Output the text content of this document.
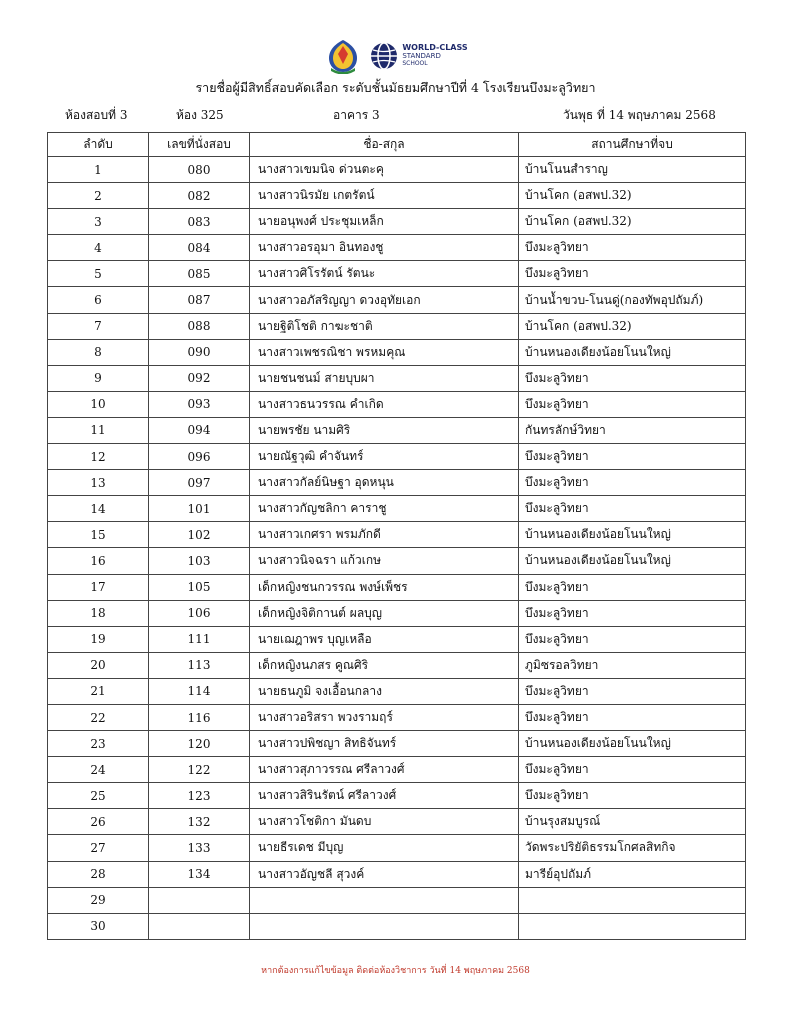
WORLD-CLASS
STANDARD
SCHOOL
รายชื่อผู้มีสิทธิ์สอบคัดเลือก ระดับชั้นมัธยมศึกษาปีที่ 4 โรงเรียนบึงมะลูวิทยา
ห้องสอบที่ 3	ห้อง 325	อาคาร 3	วันพุธ ที่ 14 พฤษภาคม 2568
ลำดับ	เลขที่นั่งสอบ	ชื่อ-สกุล	สถานศึกษาที่จบ
1	080	นางสาวเขมนิจ ด่วนตะคุ	บ้านโนนสำราญ
2	082	นางสาวนิรมัย เกตรัตน์	บ้านโคก (อสพป.32)
3	083	นายอนุพงศ์ ประชุมเหล็ก	บ้านโคก (อสพป.32)
4	084	นางสาวอรอุมา อินทองชู	บึงมะลูวิทยา
5	085	นางสาวศิโรรัตน์ รัตนะ	บึงมะลูวิทยา
6	087	นางสาวอภัสริญญา ดวงอุทัยเอก	บ้านน้ำขวบ-โนนดู่(กองทัพอุปถัมภ์)
7	088	นายฐิติโชติ กาฆะชาติ	บ้านโคก (อสพป.32)
8	090	นางสาวเพชรณิชา พรหมคุณ	บ้านหนองเดียงน้อยโนนใหญ่
9	092	นายชนชนม์ สายบุบผา	บึงมะลูวิทยา
10	093	นางสาวธนวรรณ คำเกิด	บึงมะลูวิทยา
11	094	นายพรชัย นามศิริ	กันทรลักษ์วิทยา
12	096	นายณัฐวุฒิ คำจันทร์	บึงมะลูวิทยา
13	097	นางสาวกัลย์นิษฐา อุดหนุน	บึงมะลูวิทยา
14	101	นางสาวกัญชลิกา คาราชู	บึงมะลูวิทยา
15	102	นางสาวเกศรา พรมภักดี	บ้านหนองเดียงน้อยโนนใหญ่
16	103	นางสาวนิจฉรา แก้วเกษ	บ้านหนองเดียงน้อยโนนใหญ่
17	105	เด็กหญิงชนกวรรณ พงษ์เพ็ชร	บึงมะลูวิทยา
18	106	เด็กหญิงจิติกานต์ ผลบุญ	บึงมะลูวิทยา
19	111	นายเฌฎาพร บุญเหลือ	บึงมะลูวิทยา
20	113	เด็กหญิงนภสร คูณศิริ	ภูมิซรอลวิทยา
21	114	นายธนภูมิ จงเอื้อนกลาง	บึงมะลูวิทยา
22	116	นางสาวอริสรา พวงรามฤร์	บึงมะลูวิทยา
23	120	นางสาวปพิชญา สิทธิจันทร์	บ้านหนองเดียงน้อยโนนใหญ่
24	122	นางสาวสุภาวรรณ ศรีลาวงศ์	บึงมะลูวิทยา
25	123	นางสาวสิรินรัตน์ ศรีลาวงศ์	บึงมะลูวิทยา
26	132	นางสาวโชติกา มันดบ	บ้านรุงสมบูรณ์
27	133	นายธีรเดช มีบุญ	วัดพระปริยัติธรรมโกศลสิทกิจ
28	134	นางสาวอัญชลี สุวงค์	มารีย์อุปถัมภ์
29			
30			
หากต้องการแก้ไขข้อมูล ติดต่อห้องวิชาการ วันที่ 14 พฤษภาคม 2568
